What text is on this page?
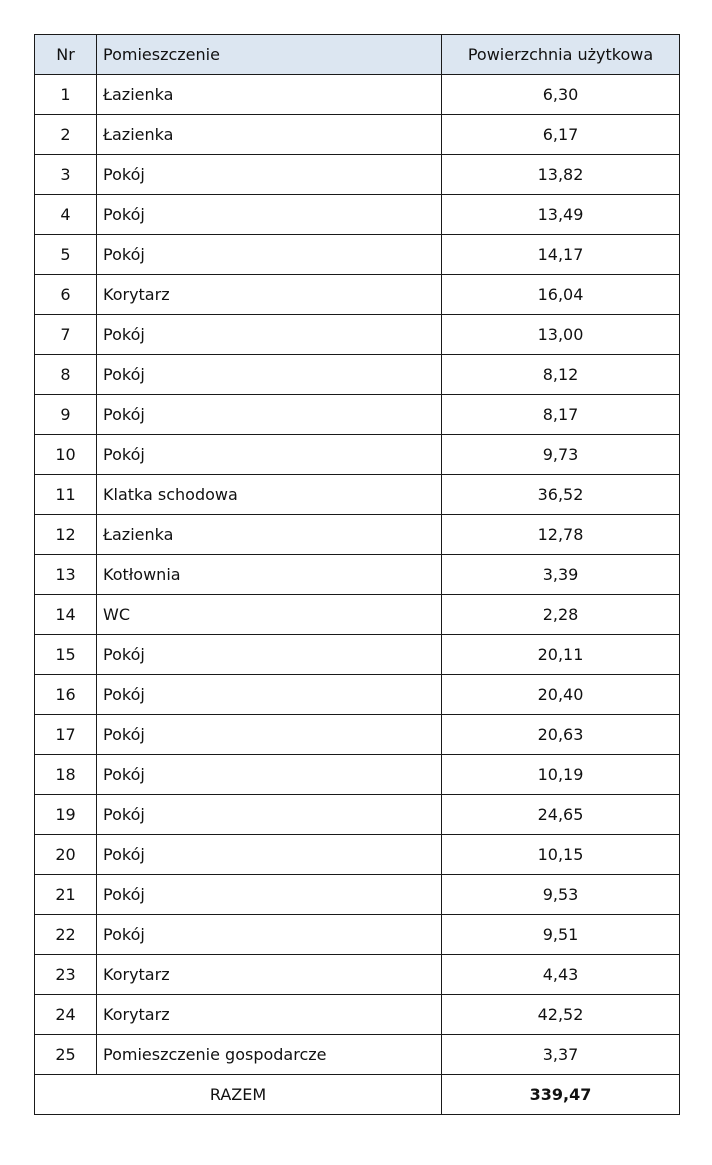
Nr	Pomieszczenie	Powierzchnia użytkowa
1	Łazienka	6,30
2	Łazienka	6,17
3	Pokój	13,82
4	Pokój	13,49
5	Pokój	14,17
6	Korytarz	16,04
7	Pokój	13,00
8	Pokój	8,12
9	Pokój	8,17
10	Pokój	9,73
11	Klatka schodowa	36,52
12	Łazienka	12,78
13	Kotłownia	3,39
14	WC	2,28
15	Pokój	20,11
16	Pokój	20,40
17	Pokój	20,63
18	Pokój	10,19
19	Pokój	24,65
20	Pokój	10,15
21	Pokój	9,53
22	Pokój	9,51
23	Korytarz	4,43
24	Korytarz	42,52
25	Pomieszczenie gospodarcze	3,37
RAZEM		339,47
